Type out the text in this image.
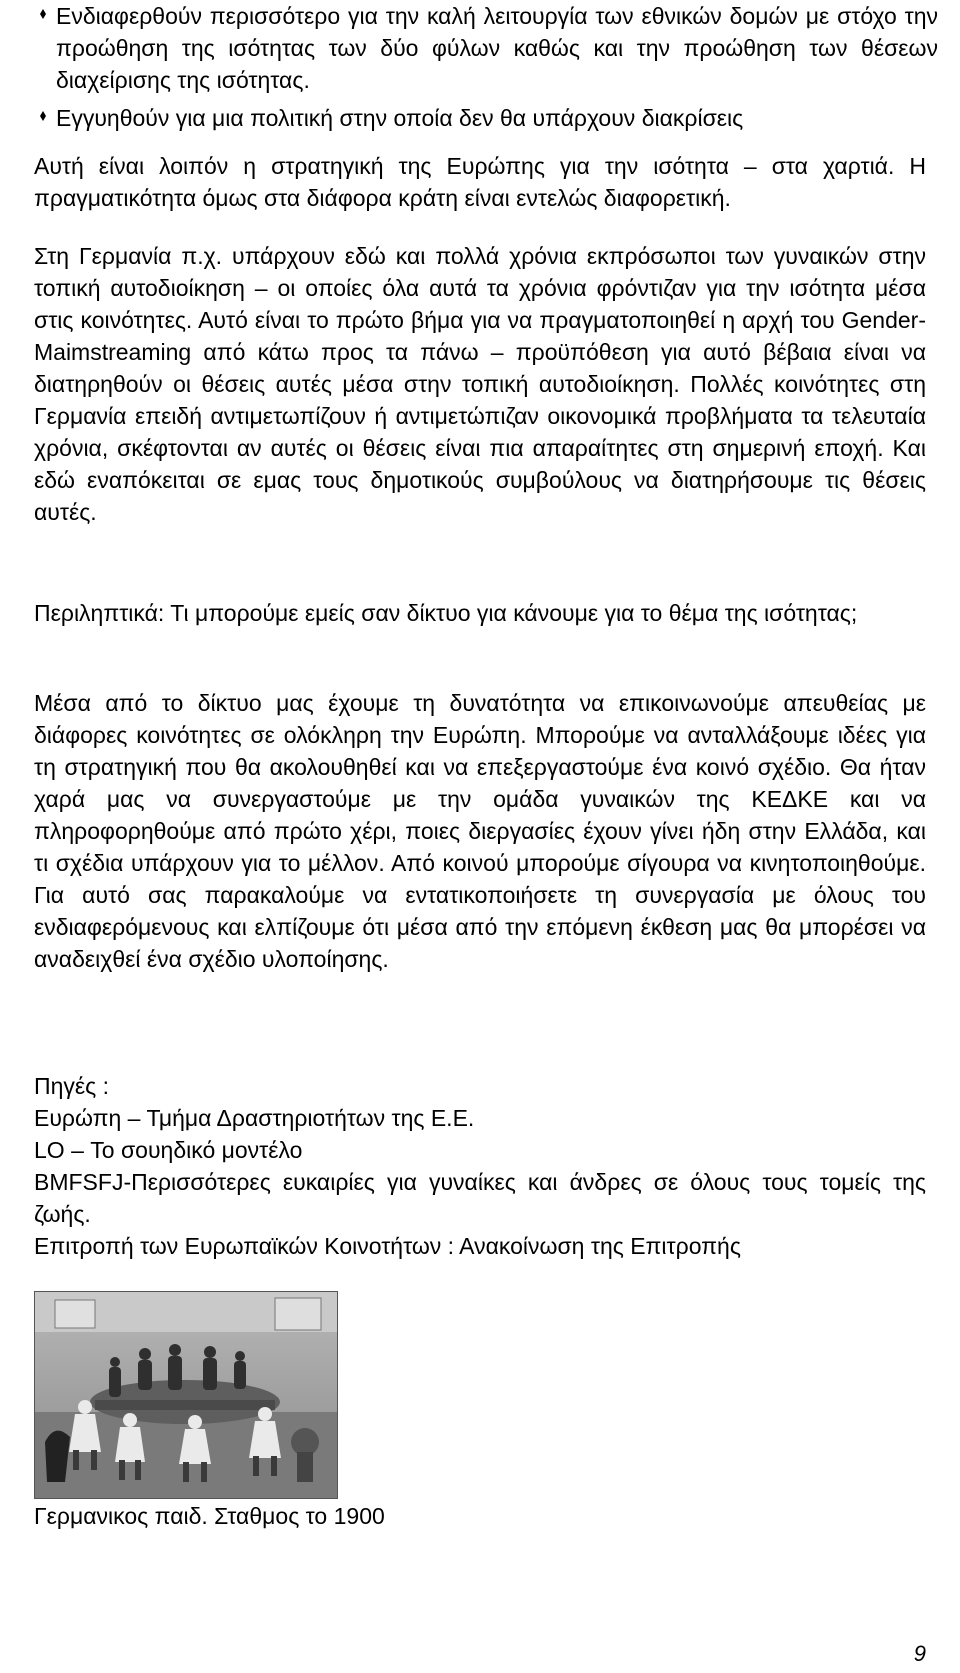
Ενδιαφερθούν περισσότερο για την καλή λειτουργία των εθνικών δομών με στόχο την προώθηση της ισότητας των δύο φύλων καθώς και την προώθηση των θέσεων διαχείρισης της ισότητας.
Εγγυηθούν για μια πολιτική στην οποία δεν θα υπάρχουν διακρίσεις

Αυτή είναι λοιπόν η στρατηγική της Ευρώπης για την ισότητα – στα χαρτιά. Η πραγματικότητα όμως στα διάφορα κράτη είναι εντελώς διαφορετική.

Στη Γερμανία π.χ. υπάρχουν εδώ και πολλά χρόνια εκπρόσωποι των γυναικών στην τοπική αυτοδιοίκηση – οι οποίες όλα αυτά τα χρόνια φρόντιζαν για την ισότητα μέσα στις κοινότητες. Αυτό είναι το πρώτο βήμα για να πραγματοποιηθεί η αρχή του Gender-Maimstreaming από κάτω προς τα πάνω – προϋπόθεση για αυτό βέβαια είναι να διατηρηθούν οι θέσεις αυτές μέσα στην τοπική αυτοδιοίκηση. Πολλές κοινότητες στη Γερμανία επειδή αντιμετωπίζουν ή αντιμετώπιζαν οικονομικά προβλήματα τα τελευταία χρόνια, σκέφτονται αν αυτές οι θέσεις είναι πια απαραίτητες στη σημερινή εποχή. Και εδώ εναπόκειται σε εμας τους δημοτικούς συμβούλους να διατηρήσουμε τις θέσεις αυτές.

Περιληπτικά: Τι μπορούμε εμείς σαν δίκτυο για κάνουμε για το θέμα της ισότητας;

Μέσα από το δίκτυο μας έχουμε τη δυνατότητα να επικοινωνούμε απευθείας με διάφορες κοινότητες σε ολόκληρη την Ευρώπη. Μπορούμε να ανταλλάξουμε ιδέες για τη στρατηγική που θα ακολουθηθεί και να επεξεργαστούμε ένα κοινό σχέδιο. Θα ήταν χαρά μας να συνεργαστούμε με την ομάδα γυναικών της ΚΕΔΚΕ και να πληροφορηθούμε από πρώτο χέρι, ποιες διεργασίες έχουν γίνει ήδη στην Ελλάδα, και τι σχέδια υπάρχουν για το μέλλον. Από κοινού μπορούμε σίγουρα να κινητοποιηθούμε. Για αυτό σας παρακαλούμε να εντατικοποιήσετε τη συνεργασία με όλους του ενδιαφερόμενους και ελπίζουμε ότι μέσα από την επόμενη έκθεση μας θα μπορέσει να αναδειχθεί ένα σχέδιο υλοποίησης.

Πηγές :

Ευρώπη – Τμήμα Δραστηριοτήτων της Ε.Ε.

LO – Το σουηδικό μοντέλο

BMFSFJ-Περισσότερες ευκαιρίες για γυναίκες και άνδρες σε όλους τους τομείς της ζωής.

Επιτροπή των Ευρωπαϊκών Κοινοτήτων : Ανακοίνωση της Επιτροπής

Γερμανικος παιδ. Σταθμος το 1900
9
